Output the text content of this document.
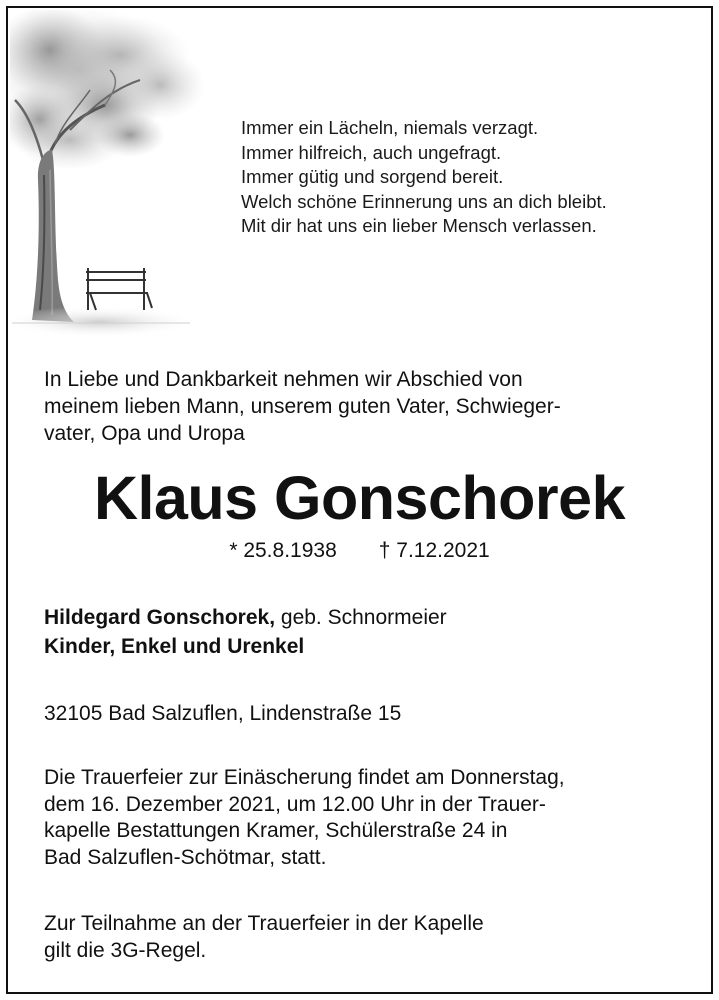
Immer ein Lächeln, niemals verzagt.
Immer hilfreich, auch ungefragt.
Immer gütig und sorgend bereit.
Welch schöne Erinnerung uns an dich bleibt.
Mit dir hat uns ein lieber Mensch verlassen.
In Liebe und Dankbarkeit nehmen wir Abschied von
meinem lieben Mann, unserem guten Vater, Schwieger-
vater, Opa und Uropa
Klaus Gonschorek
* 25.8.1938 † 7.12.2021
Hildegard Gonschorek, geb. Schnormeier
Kinder, Enkel und Urenkel
32105 Bad Salzuflen, Lindenstraße 15
Die Trauerfeier zur Einäscherung findet am Donnerstag,
dem 16. Dezember 2021, um 12.00 Uhr in der Trauer-
kapelle Bestattungen Kramer, Schülerstraße 24 in
Bad Salzuflen-Schötmar, statt.
Zur Teilnahme an der Trauerfeier in der Kapelle
gilt die 3G-Regel.
